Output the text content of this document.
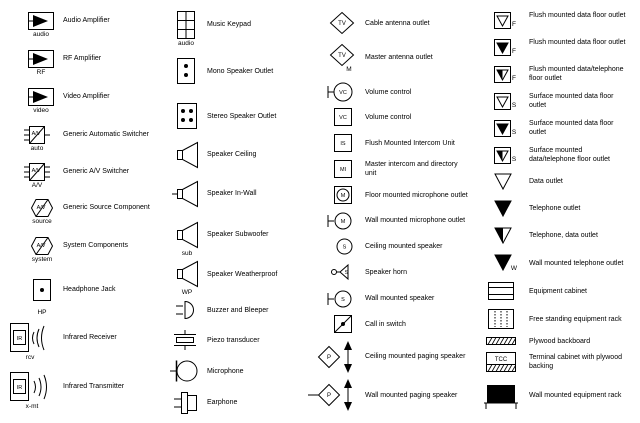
audio
Audio Amplifier
RF
RF Amplifier
video
Video Amplifier
A/V
auto
Generic Automatic Switcher
A/V
A/V
Generic A/V Switcher
A/V
source
Generic Source Component
A/V
system
System Components
HP
Headphone Jack
IR
rcv
Infrared Receiver
IR
x-mt
Infrared Transmitter
audio
Music Keypad
Mono Speaker Outlet
Stereo Speaker Outlet
Speaker Ceiling
Speaker In-Wall
sub
Speaker Subwoofer
WP
Speaker Weatherproof
Buzzer and Bleeper
Piezo transducer
Microphone
Earphone
TV	Cable antenna outlet
TV
M
Master antenna outlet
VC	Volume control
VC	Volume control
IS	Flush Mounted Intercom Unit
MI
Master intercom and directory unit
M	Floor mounted microphone outlet
M	Wall mounted microphone outlet
S	Ceiling mounted speaker
S Speaker horn
S	Wall mounted speaker
Call in switch
P	Ceiling mounted paging speaker
P	Wall mounted paging speaker
F
Flush mounted data floor outlet
F
Flush mounted data floor outlet
F
Flush mounted data/telephone floor outlet
S
Surface mounted data floor outlet
S
Surface mounted data floor outlet
S
Surface mounted data/telephone floor outlet
Data outlet
Telephone outlet
Telephone, data outlet
W
Wall mounted telephone outlet
Equipment cabinet
Free standing equipment rack
Plywood backboard
TCC	Terminal cabinet with plywood backing
Wall mounted equipment rack
